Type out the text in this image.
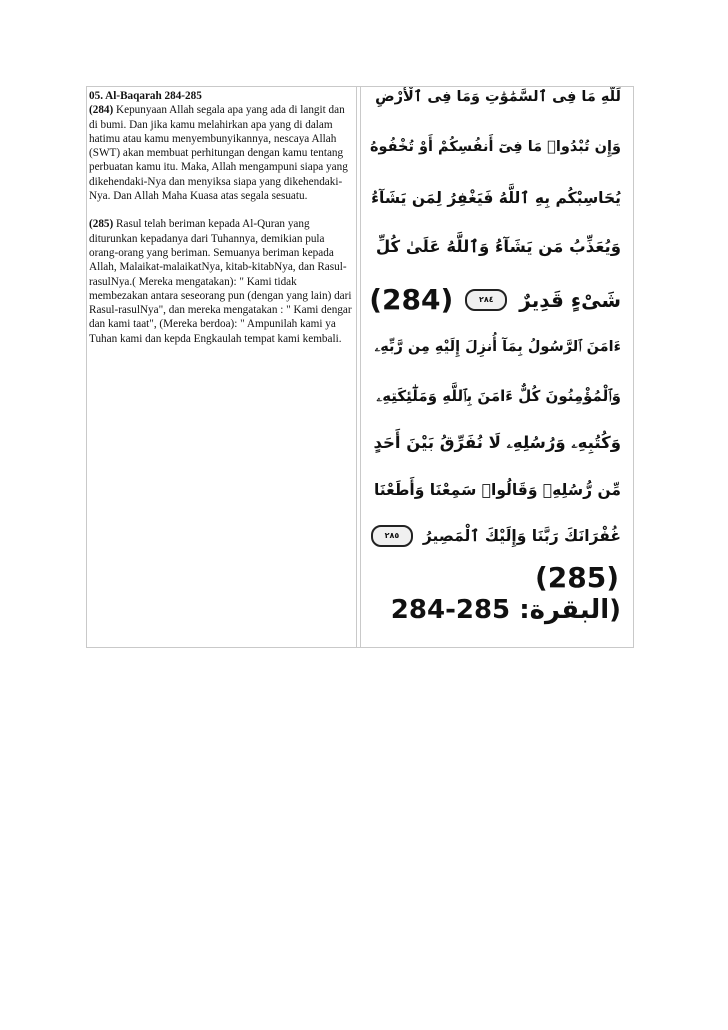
05. Al-Baqarah 284-285
(284) Kepunyaan Allah segala apa yang ada di langit dan di bumi. Dan jika kamu melahirkan apa yang di dalam hatimu atau kamu menyembunyikannya, nescaya Allah (SWT) akan membuat perhitungan dengan kamu tentang perbuatan kamu itu. Maka, Allah mengampuni siapa yang dikehendaki-Nya dan menyiksa siapa yang dikehendaki-Nya. Dan Allah Maha Kuasa atas segala sesuatu.
(285) Rasul telah beriman kepada Al-Quran yang diturunkan kepadanya dari Tuhannya, demikian pula orang-orang yang beriman. Semuanya beriman kepada Allah, Malaikat-malaikatNya, kitab-kitabNya, dan Rasul-rasulNya.( Mereka mengatakan): " Kami tidak membezakan antara seseorang pun (dengan yang lain) dari Rasul-rasulNya", dan mereka mengatakan : " Kami dengar dan kami taat", (Mereka berdoa): " Ampunilah kami ya Tuhan kami dan kepda Engkaulah tempat kami kembali.
لِّلَّهِ مَا فِى ٱلسَّمَٰوَٰتِ وَمَا فِى ٱلْأَرْضِ
وَإِن تُبْدُوا۟ مَا فِىٓ أَنفُسِكُمْ أَوْ تُخْفُوهُ
يُحَاسِبْكُم بِهِ ٱللَّهُ فَيَغْفِرُ لِمَن يَشَآءُ
وَيُعَذِّبُ مَن يَشَآءُ وَٱللَّهُ عَلَىٰ كُلِّ
شَىْءٍ قَدِيرٌ
٢٨٤
(284)
ءَامَنَ ٱلرَّسُولُ بِمَآ أُنزِلَ إِلَيْهِ مِن رَّبِّهِۦ
وَٱلْمُؤْمِنُونَ كُلٌّ ءَامَنَ بِٱللَّهِ وَمَلَٰٓئِكَتِهِۦ
وَكُتُبِهِۦ وَرُسُلِهِۦ لَا نُفَرِّقُ بَيْنَ أَحَدٍ
مِّن رُّسُلِهِۦ وَقَالُوا۟ سَمِعْنَا وَأَطَعْنَا
غُفْرَانَكَ رَبَّنَا وَإِلَيْكَ ٱلْمَصِيرُ
٢٨٥
(285)
(البقرة: 285-284
